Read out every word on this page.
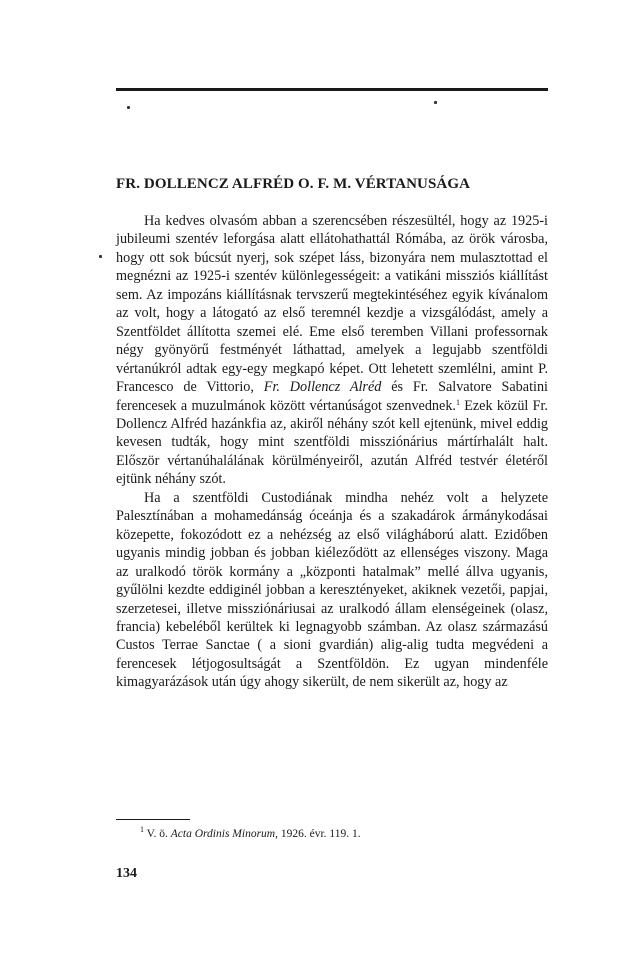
FR. DOLLENCZ ALFRÉD O. F. M. VÉRTANUSÁGA

Ha kedves olvasóm abban a szerencsében részesültél, hogy az 1925-i jubileumi szentév leforgása alatt ellátohathattál Rómába, az örök városba, hogy ott sok búcsút nyerj, sok szépet láss, bizonyára nem mulasztottad el megnézni az 1925-i szentév különlegességeit: a vatikáni missziós kiállítást sem. Az impozáns kiállításnak tervszerű megtekintéséhez egyik kívánalom az volt, hogy a látogató az első teremnél kezdje a vizsgálódást, amely a Szentföldet állította szemei elé. Eme első teremben Villani professornak négy gyönyörű festményét láthattad, amelyek a legujabb szentföldi vértanúkról adtak egy-egy megkapó képet. Ott lehetett szemlélni, amint P. Francesco de Vittorio, Fr. Dollencz Alréd és Fr. Salvatore Sabatini ferencesek a muzulmánok között vértanúságot szenvednek.$^1$ Ezek közül Fr. Dollencz Alfréd hazánkfia az, akiről néhány szót kell ejtenünk, mivel eddig kevesen tudták, hogy mint szentföldi missziónárius mártírhalált halt. Először vértanúhalálának körülményeiről, azután Alfréd testvér életéről ejtünk néhány szót.

Ha a szentföldi Custodiának mindha nehéz volt a helyzete Palesztínában a mohamedánság óceánja és a szakadárok ármánykodásai közepette, fokozódott ez a nehézség az első világháború alatt. Ezidőben ugyanis mindig jobban és jobban kiéleződött az ellenséges viszony. Maga az uralkodó török kormány a „központi hatalmak” mellé állva ugyanis, gyűlölni kezdte eddiginél jobban a keresztényeket, akiknek vezetői, papjai, szerzetesei, illetve missziónáriusai az uralkodó állam elenségeinek (olasz, francia) kebeléből kerültek ki legnagyobb számban. Az olasz származású Custos Terrae Sanctae ( a sioni gvardián) alig-alig tudta megvédeni a ferencesek létjogosultságát a Szentföldön. Ez ugyan mindenféle kimagyarázások után úgy ahogy sikerült, de nem sikerült az, hogy az

$^1$ V. ö. Acta Ordinis Minorum, 1926. évr. 119. 1.
134
